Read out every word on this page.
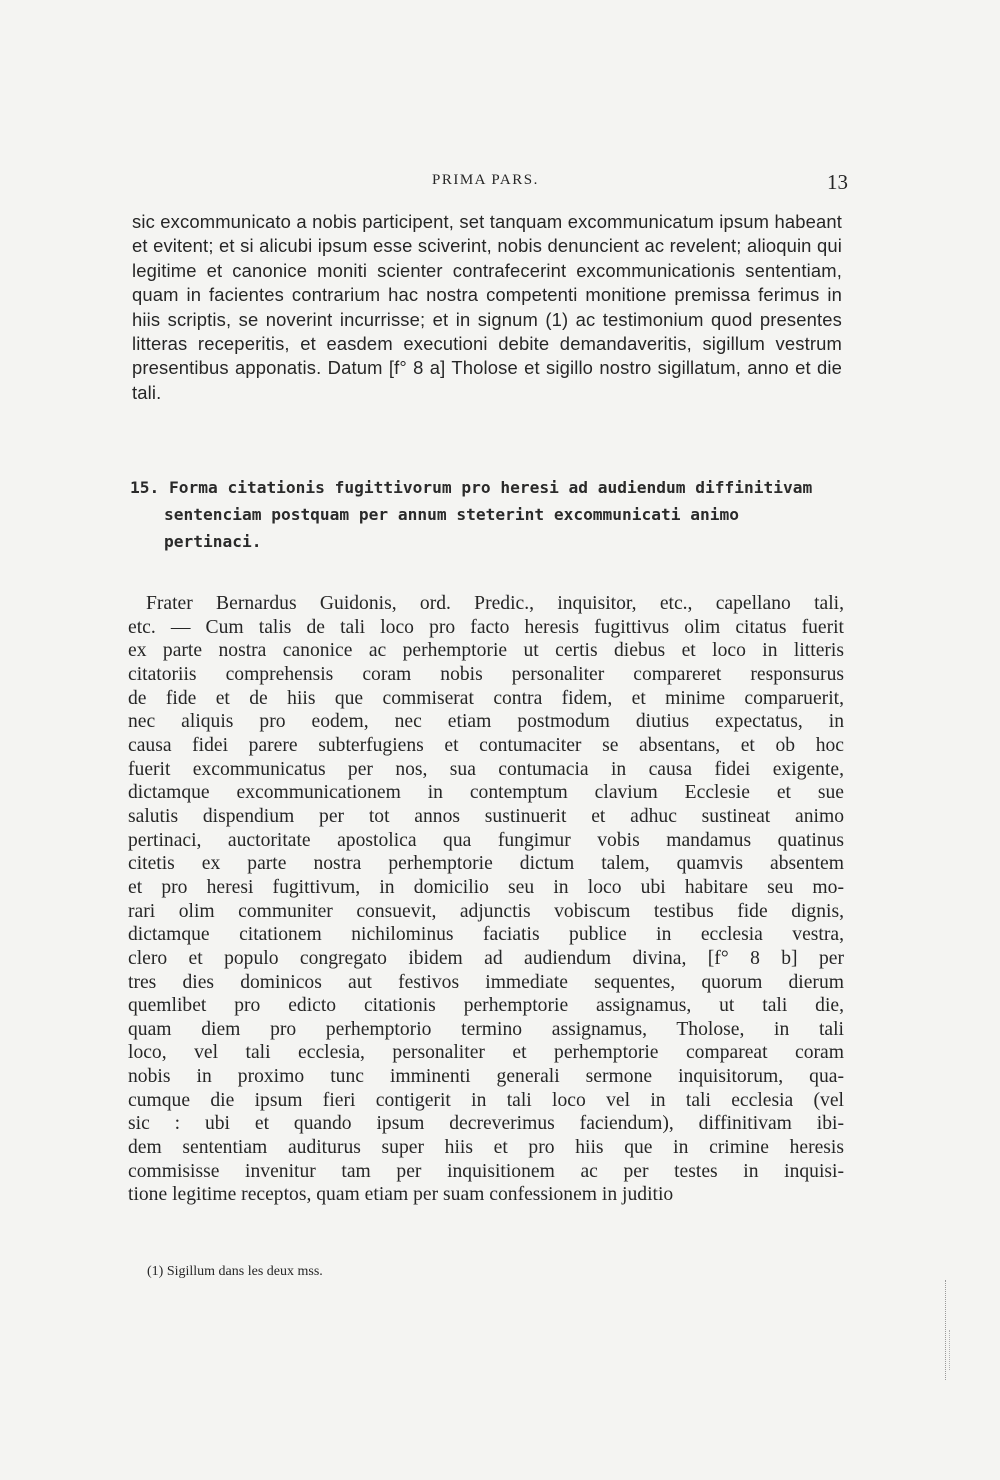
PRIMA PARS.	13

sic excommunicato a nobis participent, set tanquam excommunicatum ipsum habeant et evitent; et si alicubi ipsum esse sciverint, nobis denuncient ac revelent; alioquin qui legitime et canonice moniti scienter contrafecerint excommunicationis sententiam, quam in facientes contrarium hac nostra competenti monitione premissa ferimus in hiis scriptis, se noverint incurrisse; et in signum (1) ac testimonium quod presentes litteras receperitis, et easdem executioni debite demandaveritis, sigillum vestrum presentibus apponatis. Datum [f° 8 a] Tholose et sigillo nostro sigillatum, anno et die tali.

15. Forma citationis fugittivorum pro heresi ad audiendum diffinitivam
sentenciam postquam per annum steterint excommunicati animo
pertinaci.
Frater Bernardus Guidonis, ord. Predic., inquisitor, etc., capellano tali,
etc. — Cum talis de tali loco pro facto heresis fugittivus olim citatus fuerit
ex parte nostra canonice ac perhemptorie ut certis diebus et loco in litteris
citatoriis comprehensis coram nobis personaliter compareret responsurus
de fide et de hiis que commiserat contra fidem, et minime comparuerit,
nec aliquis pro eodem, nec etiam postmodum diutius expectatus, in
causa fidei parere subterfugiens et contumaciter se absentans, et ob hoc
fuerit excommunicatus per nos, sua contumacia in causa fidei exigente,
dictamque excommunicationem in contemptum clavium Ecclesie et sue
salutis dispendium per tot annos sustinuerit et adhuc sustineat animo
pertinaci, auctoritate apostolica qua fungimur vobis mandamus quatinus
citetis ex parte nostra perhemptorie dictum talem, quamvis absentem
et pro heresi fugittivum, in domicilio seu in loco ubi habitare seu mo-
rari olim communiter consuevit, adjunctis vobiscum testibus fide dignis,
dictamque citationem nichilominus faciatis publice in ecclesia vestra,
clero et populo congregato ibidem ad audiendum divina, [f° 8 b] per
tres dies dominicos aut festivos immediate sequentes, quorum dierum
quemlibet pro edicto citationis perhemptorie assignamus, ut tali die,
quam diem pro perhemptorio termino assignamus, Tholose, in tali
loco, vel tali ecclesia, personaliter et perhemptorie compareat coram
nobis in proximo tunc imminenti generali sermone inquisitorum, qua-
cumque die ipsum fieri contigerit in tali loco vel in tali ecclesia (vel
sic : ubi et quando ipsum decreverimus faciendum), diffinitivam ibi-
dem sententiam auditurus super hiis et pro hiis que in crimine heresis
commisisse invenitur tam per inquisitionem ac per testes in inquisi-
tione legitime receptos, quam etiam per suam confessionem in juditio
(1) Sigillum dans les deux mss.
